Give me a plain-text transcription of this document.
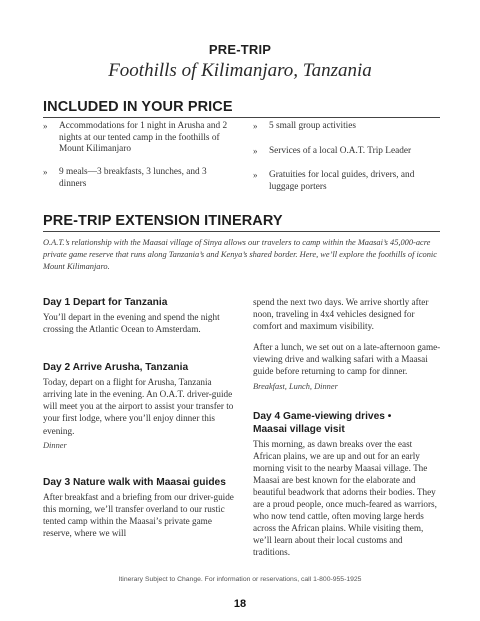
PRE-TRIP
Foothills of Kilimanjaro, Tanzania
INCLUDED IN YOUR PRICE
» Accommodations for 1 night in Arusha and 2 nights at our tented camp in the foothills of Mount Kilimanjaro
» 9 meals—3 breakfasts, 3 lunches, and 3 dinners
» 5 small group activities
» Services of a local O.A.T. Trip Leader
» Gratuities for local guides, drivers, and luggage porters
PRE-TRIP EXTENSION ITINERARY
O.A.T.’s relationship with the Maasai village of Sinya allows our travelers to camp within the Maasai’s 45,000-acre private game reserve that runs along Tanzania’s and Kenya’s shared border. Here, we’ll explore the foothills of iconic Mount Kilimanjaro.
Day 1 Depart for Tanzania
You’ll depart in the evening and spend the night crossing the Atlantic Ocean to Amsterdam.
Day 2 Arrive Arusha, Tanzania
Today, depart on a flight for Arusha, Tanzania arriving late in the evening. An O.A.T. driver-guide will meet you at the airport to assist your transfer to your first lodge, where you’ll enjoy dinner this evening.
Dinner
Day 3 Nature walk with Maasai guides
After breakfast and a briefing from our driver-guide this morning, we’ll transfer overland to our rustic tented camp within the Maasai’s private game reserve, where we will
spend the next two days. We arrive shortly after noon, traveling in 4x4 vehicles designed for comfort and maximum visibility.
After a lunch, we set out on a late-afternoon game-viewing drive and walking safari with a Maasai guide before returning to camp for dinner.
Breakfast, Lunch, Dinner
Day 4 Game-viewing drives • Maasai village visit
This morning, as dawn breaks over the east African plains, we are up and out for an early morning visit to the nearby Maasai village. The Maasai are best known for the elaborate and beautiful beadwork that adorns their bodies. They are a proud people, once much-feared as warriors, who now tend cattle, often moving large herds across the African plains. While visiting them, we’ll learn about their local customs and traditions.
Itinerary Subject to Change. For information or reservations, call 1-800-955-1925
18
